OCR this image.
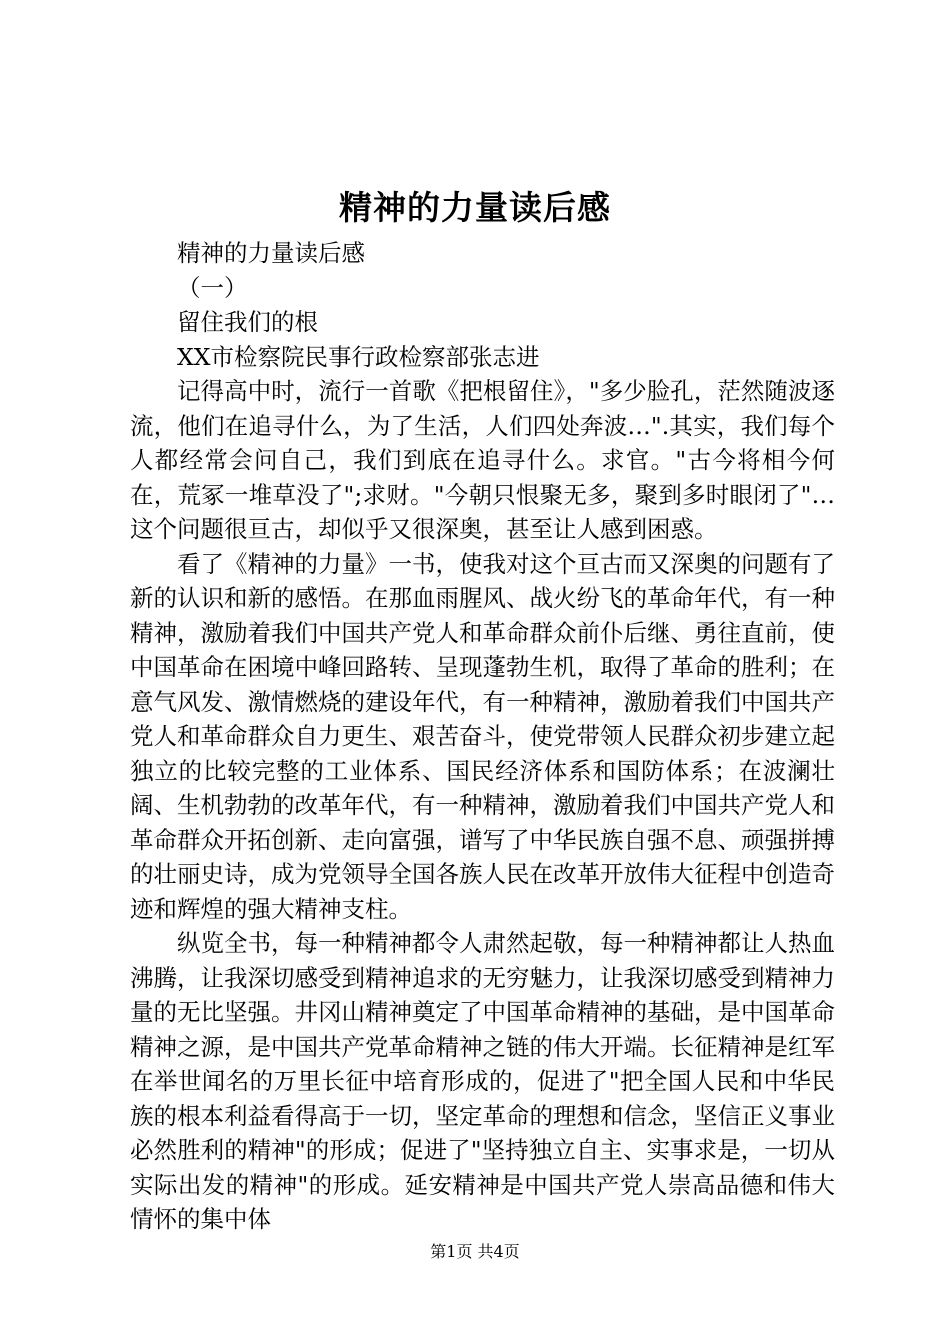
精神的力量读后感
精神的力量读后感
（一）
留住我们的根
XX市检察院民事行政检察部张志进

记得高中时，流行一首歌《把根留住》，"多少脸孔，茫然随波逐流，他们在追寻什么，为了生活，人们四处奔波…".其实，我们每个人都经常会问自己，我们到底在追寻什么。求官。"古今将相今何在，荒冢一堆草没了";求财。"今朝只恨聚无多，聚到多时眼闭了"…这个问题很亘古，却似乎又很深奥，甚至让人感到困惑。

看了《精神的力量》一书，使我对这个亘古而又深奥的问题有了新的认识和新的感悟。在那血雨腥风、战火纷飞的革命年代，有一种精神，激励着我们中国共产党人和革命群众前仆后继、勇往直前，使中国革命在困境中峰回路转、呈现蓬勃生机，取得了革命的胜利；在意气风发、激情燃烧的建设年代，有一种精神，激励着我们中国共产党人和革命群众自力更生、艰苦奋斗，使党带领人民群众初步建立起独立的比较完整的工业体系、国民经济体系和国防体系；在波澜壮阔、生机勃勃的改革年代，有一种精神，激励着我们中国共产党人和革命群众开拓创新、走向富强，谱写了中华民族自强不息、顽强拼搏的壮丽史诗，成为党领导全国各族人民在改革开放伟大征程中创造奇迹和辉煌的强大精神支柱。

纵览全书，每一种精神都令人肃然起敬，每一种精神都让人热血沸腾，让我深切感受到精神追求的无穷魅力，让我深切感受到精神力量的无比坚强。井冈山精神奠定了中国革命精神的基础，是中国革命精神之源，是中国共产党革命精神之链的伟大开端。长征精神是红军在举世闻名的万里长征中培育形成的，促进了"把全国人民和中华民族的根本利益看得高于一切，坚定革命的理想和信念，坚信正义事业必然胜利的精神"的形成；促进了"坚持独立自主、实事求是，一切从实际出发的精神"的形成。延安精神是中国共产党人崇高品德和伟大情怀的集中体

第1页 共4页
